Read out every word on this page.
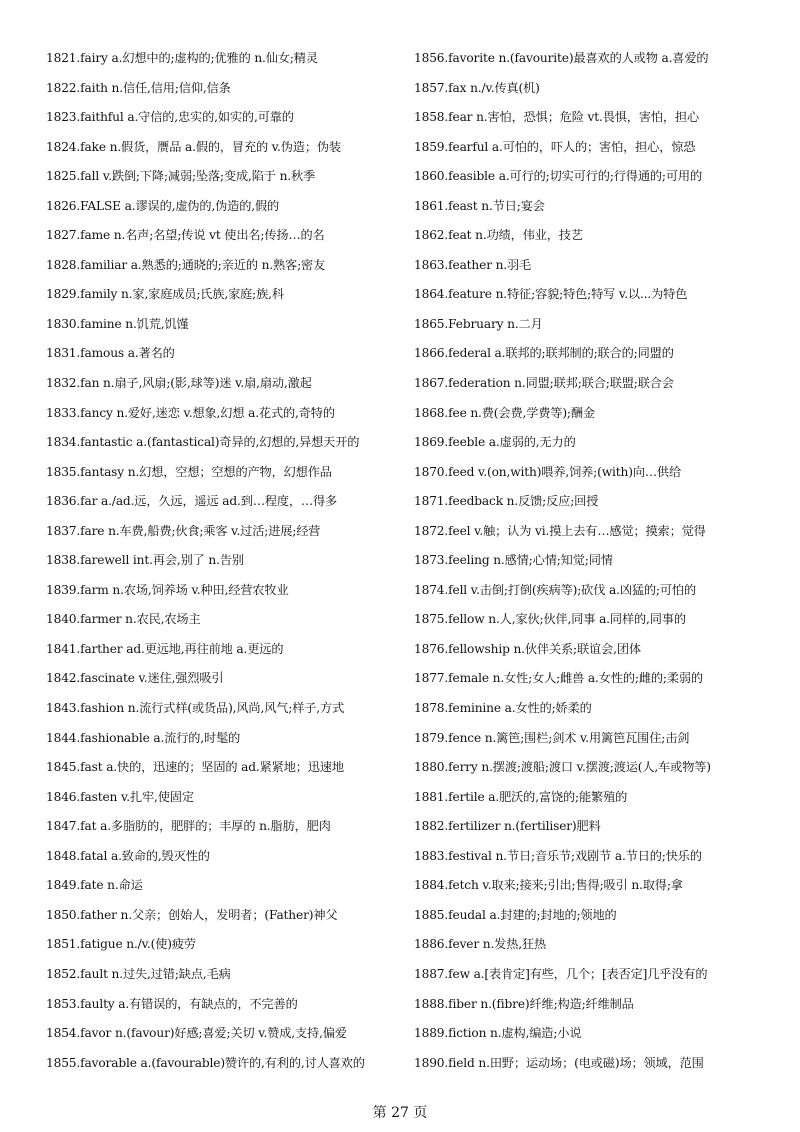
1821.fairy a.幻想中的;虚构的;优雅的 n.仙女;精灵
1822.faith n.信任,信用;信仰,信条
1823.faithful a.守信的,忠实的,如实的,可靠的
1824.fake n.假货，赝品 a.假的，冒充的 v.伪造；伪装
1825.fall v.跌倒;下降;减弱;坠落;变成,陷于 n.秋季
1826.FALSE a.谬误的,虚伪的,伪造的,假的
1827.fame n.名声;名望;传说 vt 使出名;传扬…的名
1828.familiar a.熟悉的;通晓的;亲近的 n.熟客;密友
1829.family n.家,家庭成员;氏族,家庭;族,科
1830.famine n.饥荒,饥馑
1831.famous a.著名的
1832.fan n.扇子,风扇;(影,球等)迷 v.扇,扇动,激起
1833.fancy n.爱好,迷恋 v.想象,幻想 a.花式的,奇特的
1834.fantastic a.(fantastical)奇异的,幻想的,异想天开的
1835.fantasy n.幻想，空想；空想的产物，幻想作品
1836.far a./ad.远，久远，遥远 ad.到…程度，…得多
1837.fare n.车费,船费;伙食;乘客 v.过活;进展;经营
1838.farewell int.再会,别了 n.告别
1839.farm n.农场,饲养场 v.种田,经营农牧业
1840.farmer n.农民,农场主
1841.farther ad.更远地,再往前地 a.更远的
1842.fascinate v.迷住,强烈吸引
1843.fashion n.流行式样(或货品),风尚,风气;样子,方式
1844.fashionable a.流行的,时髦的
1845.fast a.快的，迅速的；坚固的 ad.紧紧地；迅速地
1846.fasten v.扎牢,使固定
1847.fat a.多脂肪的，肥胖的；丰厚的 n.脂肪，肥肉
1848.fatal a.致命的,毁灭性的
1849.fate n.命运
1850.father n.父亲；创始人，发明者；(Father)神父
1851.fatigue n./v.(使)疲劳
1852.fault n.过失,过错;缺点,毛病
1853.faulty a.有错误的，有缺点的，不完善的
1854.favor n.(favour)好感;喜爱;关切 v.赞成,支持,偏爱
1855.favorable a.(favourable)赞许的,有利的,讨人喜欢的
1856.favorite n.(favourite)最喜欢的人或物 a.喜爱的
1857.fax n./v.传真(机)
1858.fear n.害怕，恐惧；危险 vt.畏惧，害怕，担心
1859.fearful a.可怕的，吓人的；害怕，担心，惊恐
1860.feasible a.可行的;切实可行的;行得通的;可用的
1861.feast n.节日;宴会
1862.feat n.功绩，伟业，技艺
1863.feather n.羽毛
1864.feature n.特征;容貌;特色;特写 v.以...为特色
1865.February n.二月
1866.federal a.联邦的;联邦制的;联合的;同盟的
1867.federation n.同盟;联邦;联合;联盟;联合会
1868.fee n.费(会费,学费等);酬金
1869.feeble a.虚弱的,无力的
1870.feed v.(on,with)喂养,饲养;(with)向…供给
1871.feedback n.反馈;反应;回授
1872.feel v.触；认为 vi.摸上去有…感觉；摸索；觉得
1873.feeling n.感情;心情;知觉;同情
1874.fell v.击倒;打倒(疾病等);砍伐 a.凶猛的;可怕的
1875.fellow n.人,家伙;伙伴,同事 a.同样的,同事的
1876.fellowship n.伙伴关系;联谊会,团体
1877.female n.女性;女人;雌兽 a.女性的;雌的;柔弱的
1878.feminine a.女性的;娇柔的
1879.fence n.篱笆;围栏;剑术 v.用篱笆瓦围住;击剑
1880.ferry n.摆渡;渡船;渡口 v.摆渡;渡运(人,车或物等)
1881.fertile a.肥沃的,富饶的;能繁殖的
1882.fertilizer n.(fertiliser)肥料
1883.festival n.节日;音乐节;戏剧节 a.节日的;快乐的
1884.fetch v.取来;接来;引出;售得;吸引 n.取得;拿
1885.feudal a.封建的;封地的;领地的
1886.fever n.发热,狂热
1887.few a.[表肯定]有些，几个；[表否定]几乎没有的
1888.fiber n.(fibre)纤维;构造;纤维制品
1889.fiction n.虚构,编造;小说
1890.field n.田野；运动场；(电或磁)场；领域，范围
第 27 页
